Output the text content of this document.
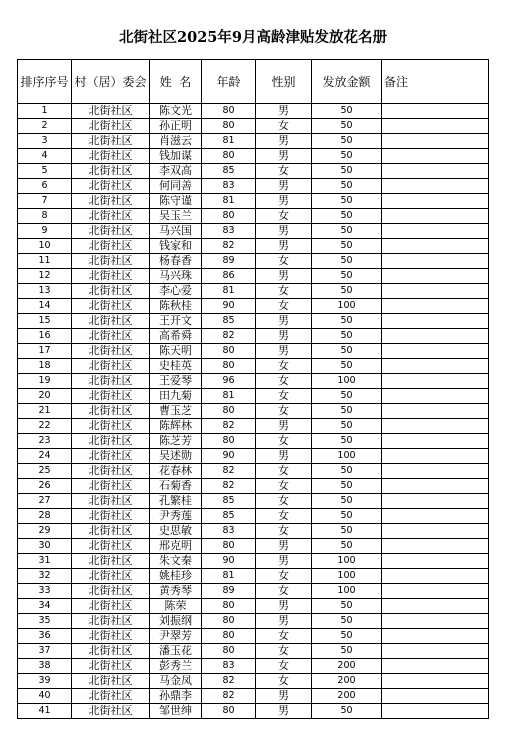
北街社区2025年9月高龄津贴发放花名册
排序序号	村（居）委会	姓  名	年龄	性别	发放金额	备注
1	北街社区	陈文光	80	男	50	
2	北街社区	孙正明	80	女	50	
3	北街社区	肖滋云	81	男	50	
4	北街社区	钱加谋	80	男	50	
5	北街社区	李双高	85	女	50	
6	北街社区	何同善	83	男	50	
7	北街社区	陈守谨	81	男	50	
8	北街社区	吴玉兰	80	女	50	
9	北街社区	马兴国	83	男	50	
10	北街社区	钱家和	82	男	50	
11	北街社区	杨春香	89	女	50	
12	北街社区	马兴珠	86	男	50	
13	北街社区	李心爱	81	女	50	
14	北街社区	陈秋桂	90	女	100	
15	北街社区	王开文	85	男	50	
16	北街社区	高希舜	82	男	50	
17	北街社区	陈天明	80	男	50	
18	北街社区	史桂英	80	女	50	
19	北街社区	王爱琴	96	女	100	
20	北街社区	田九菊	81	女	50	
21	北街社区	曹玉芝	80	女	50	
22	北街社区	陈辉林	82	男	50	
23	北街社区	陈芝芳	80	女	50	
24	北街社区	吴述勋	90	男	100	
25	北街社区	花春林	82	女	50	
26	北街社区	石菊香	82	女	50	
27	北街社区	孔繁桂	85	女	50	
28	北街社区	尹秀莲	85	女	50	
29	北街社区	史思敏	83	女	50	
30	北街社区	邢克明	80	男	50	
31	北街社区	朱文秦	90	男	100	
32	北街社区	姚桂珍	81	女	100	
33	北街社区	黄秀琴	89	女	100	
34	北街社区	陈荣	80	男	50	
35	北街社区	刘振纲	80	男	50	
36	北街社区	尹翠芳	80	女	50	
37	北街社区	潘玉花	80	女	50	
38	北街社区	彭秀兰	83	女	200	
39	北街社区	马金凤	82	女	200	
40	北街社区	孙鼎李	82	男	200	
41	北街社区	邹世绅	80	男	50	
